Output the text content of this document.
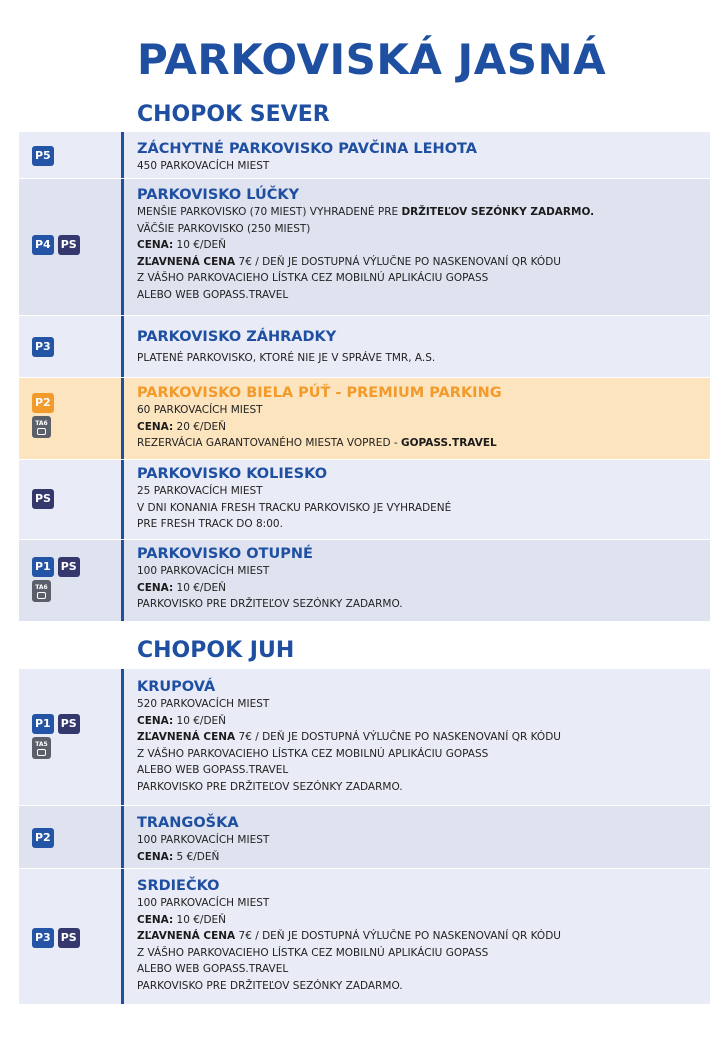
PARKOVISKÁ JASNÁ
CHOPOK SEVER
P5	ZÁCHYTNÉ PARKOVISKO PAVČINA LEHOTA
450 PARKOVACÍCH MIEST
P4 PS
PARKOVISKO LÚČKY
MENŠIE PARKOVISKO (70 MIEST) VYHRADENÉ PRE DRŽITEĽOV SEZÓNKY ZADARMO.
VÄČŠIE PARKOVISKO (250 MIEST)
CENA: 10 €/DEŇ
ZĽAVNENÁ CENA 7€ / DEŇ JE DOSTUPNÁ VÝLUČNE PO NASKENOVANÍ QR KÓDU
Z VÁŠHO PARKOVACIEHO LÍSTKA CEZ MOBILNÚ APLIKÁCIU GOPASS
ALEBO WEB GOPASS.TRAVEL
P3
PARKOVISKO ZÁHRADKY
PLATENÉ PARKOVISKO, KTORÉ NIE JE V SPRÁVE TMR, A.S.
P2
TA6
PARKOVISKO BIELA PÚŤ - PREMIUM PARKING
60 PARKOVACÍCH MIEST
CENA: 20 €/DEŇ
REZERVÁCIA GARANTOVANÉHO MIESTA VOPRED - GOPASS.TRAVEL
PS
PARKOVISKO KOLIESKO
25 PARKOVACÍCH MIEST
V DNI KONANIA FRESH TRACKU PARKOVISKO JE VYHRADENÉ
PRE FRESH TRACK DO 8:00.
P1 PS
TA6
PARKOVISKO OTUPNÉ
100 PARKOVACÍCH MIEST
CENA: 10 €/DEŇ
PARKOVISKO PRE DRŽITEĽOV SEZÓNKY ZADARMO.
CHOPOK JUH
P1 PS
TA5
KRUPOVÁ
520 PARKOVACÍCH MIEST
CENA: 10 €/DEŇ
ZĽAVNENÁ CENA 7€ / DEŇ JE DOSTUPNÁ VÝLUČNE PO NASKENOVANÍ QR KÓDU
Z VÁŠHO PARKOVACIEHO LÍSTKA CEZ MOBILNÚ APLIKÁCIU GOPASS
ALEBO WEB GOPASS.TRAVEL
PARKOVISKO PRE DRŽITEĽOV SEZÓNKY ZADARMO.
P2
TRANGOŠKA
100 PARKOVACÍCH MIEST
CENA: 5 €/DEŇ
P3 PS
SRDIEČKO
100 PARKOVACÍCH MIEST
CENA: 10 €/DEŇ
ZĽAVNENÁ CENA 7€ / DEŇ JE DOSTUPNÁ VÝLUČNE PO NASKENOVANÍ QR KÓDU
Z VÁŠHO PARKOVACIEHO LÍSTKA CEZ MOBILNÚ APLIKÁCIU GOPASS
ALEBO WEB GOPASS.TRAVEL
PARKOVISKO PRE DRŽITEĽOV SEZÓNKY ZADARMO.
